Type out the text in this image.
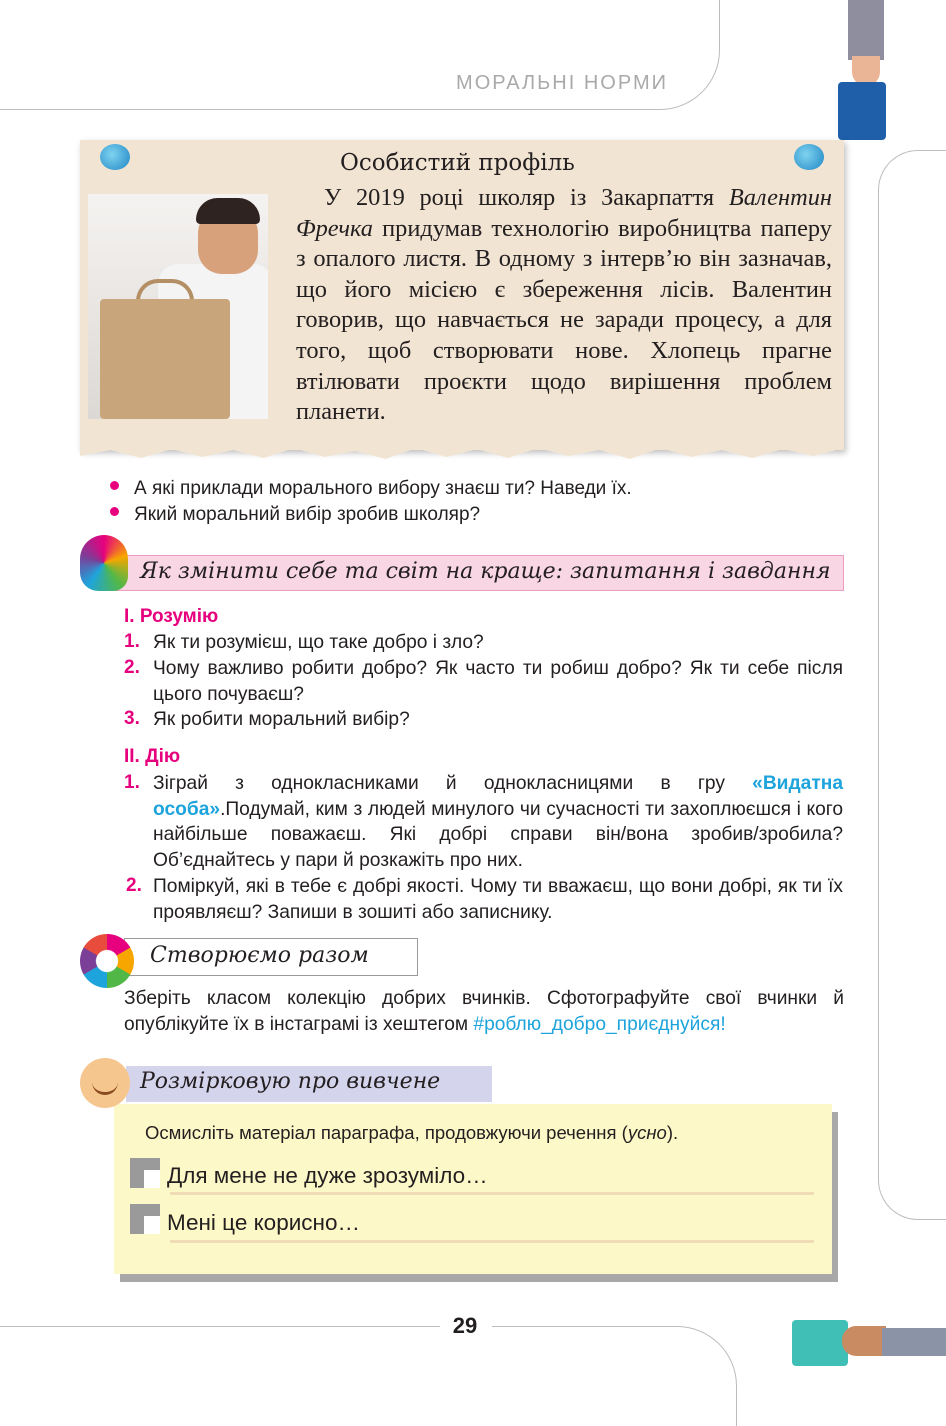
МОРАЛЬНІ НОРМИ
29
Особистий профіль

У 2019 році школяр із Закарпаття Валентин Фречка придумав технологію виробництва паперу з опалого листя. В одному з інтерв’ю він зазначав, що його місією є збереження лісів. Валентин говорив, що навчається не заради процесу, а для того, щоб створювати нове. Хлопець прагне втілювати проєкти щодо вирішення проблем планети.

А які приклади морального вибору знаєш ти? Наведи їх.
Який моральний вибір зробив школяр?
Як змінити себе та світ на краще: запитання і завдання
І. Розумію
1. Як ти розумієш, що таке добро і зло?

2. Чому важливо робити добро? Як часто ти робиш добро? Як ти себе після цього почуваєш?

3. Як робити моральний вибір?

ІІ. Дію
1. Зіграй з однокласниками й однокласницями в гру «Видатна особа».Подумай, ким з людей минулого чи сучасності ти захоплюєшся і кого найбільше поважаєш. Які добрі справи він/вона зробив/зробила? Об’єднайтесь у пари й розкажіть про них.

2. Поміркуй, які в тебе є добрі якості. Чому ти вважаєш, що вони добрі, як ти їх проявляєш? Запиши в зошиті або записнику.

Створюємо разом

Зберіть класом колекцію добрих вчинків. Сфотографуйте свої вчинки й опублікуйте їх в інстаграмі із хештегом #роблю_добро_приєднуйся!

Розмірковую про вивчене
Осмисліть матеріал параграфа, продовжуючи речення (усно).
Для мене не дуже зрозуміло…
Мені це корисно…
